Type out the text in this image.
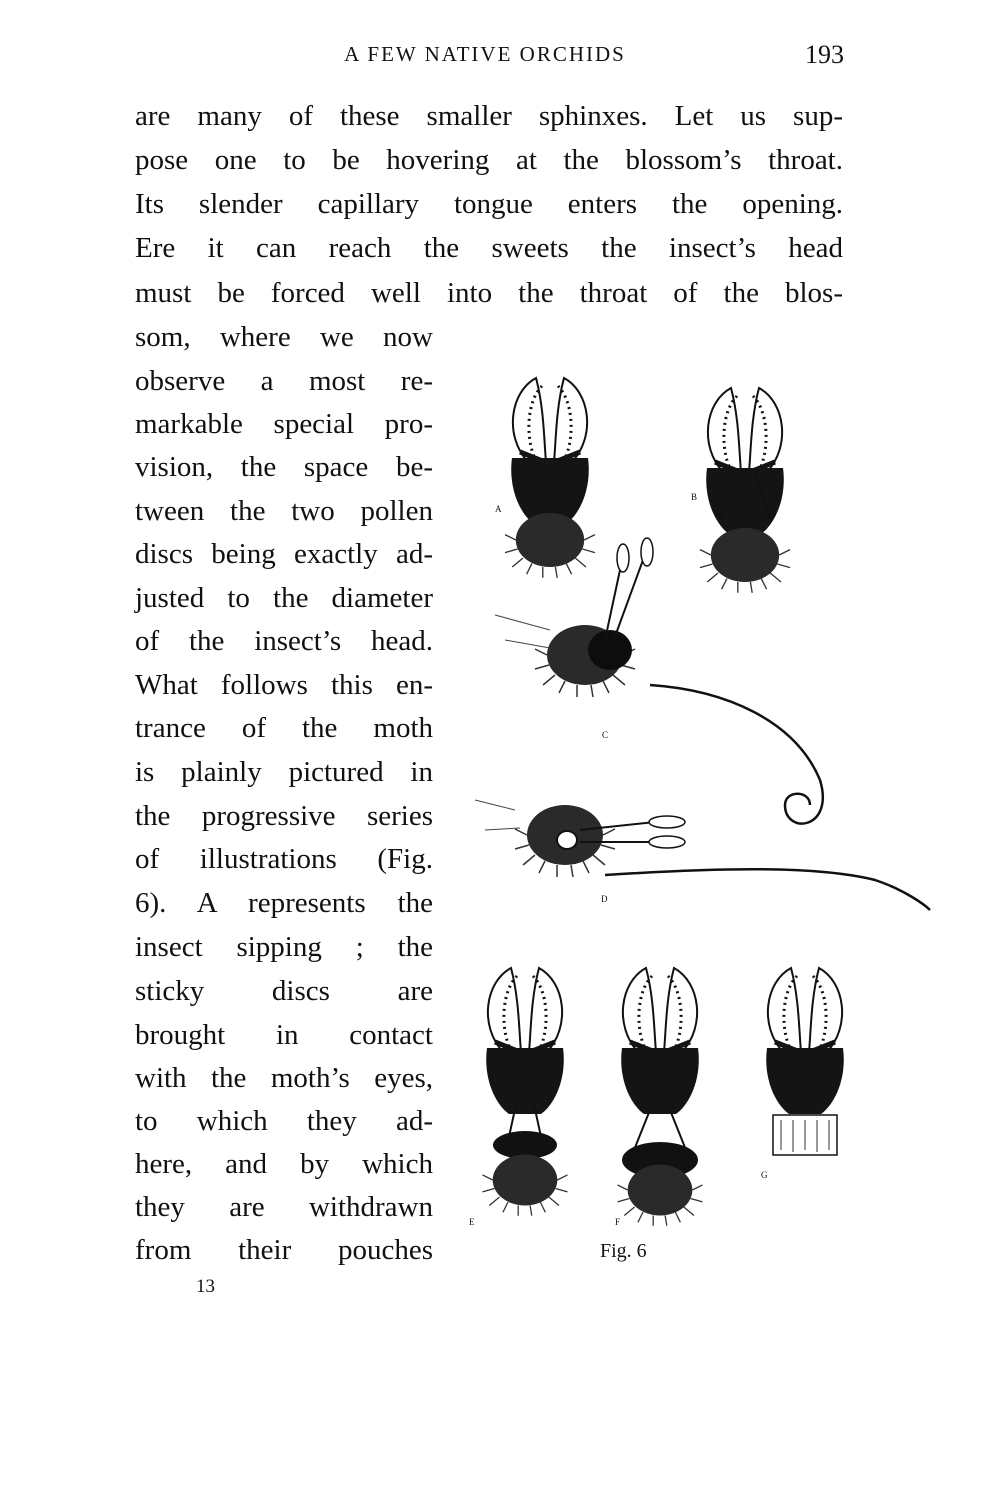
A FEW NATIVE ORCHIDS	193
are many of these smaller sphinxes. Let us sup-
pose one to be hovering at the blossom’s throat.
Its slender capillary tongue enters the opening.
Ere it can reach the sweets the insect’s head
must be forced well into the throat of the blos-
som, where we now
observe a most re-
markable special pro-
vision, the space be-
tween the two pollen
discs being exactly ad-
justed to the diameter
of the insect’s head.
What follows this en-
trance of the moth
is plainly pictured in
the progressive series
of illustrations (Fig.
6). A represents the
insect sipping ; the
sticky discs are
brought in contact
with the moth’s eyes,
to which they ad-
here, and by which
they are withdrawn
from their pouches
A
B
C
D
E	F
G
Fig. 6
13
